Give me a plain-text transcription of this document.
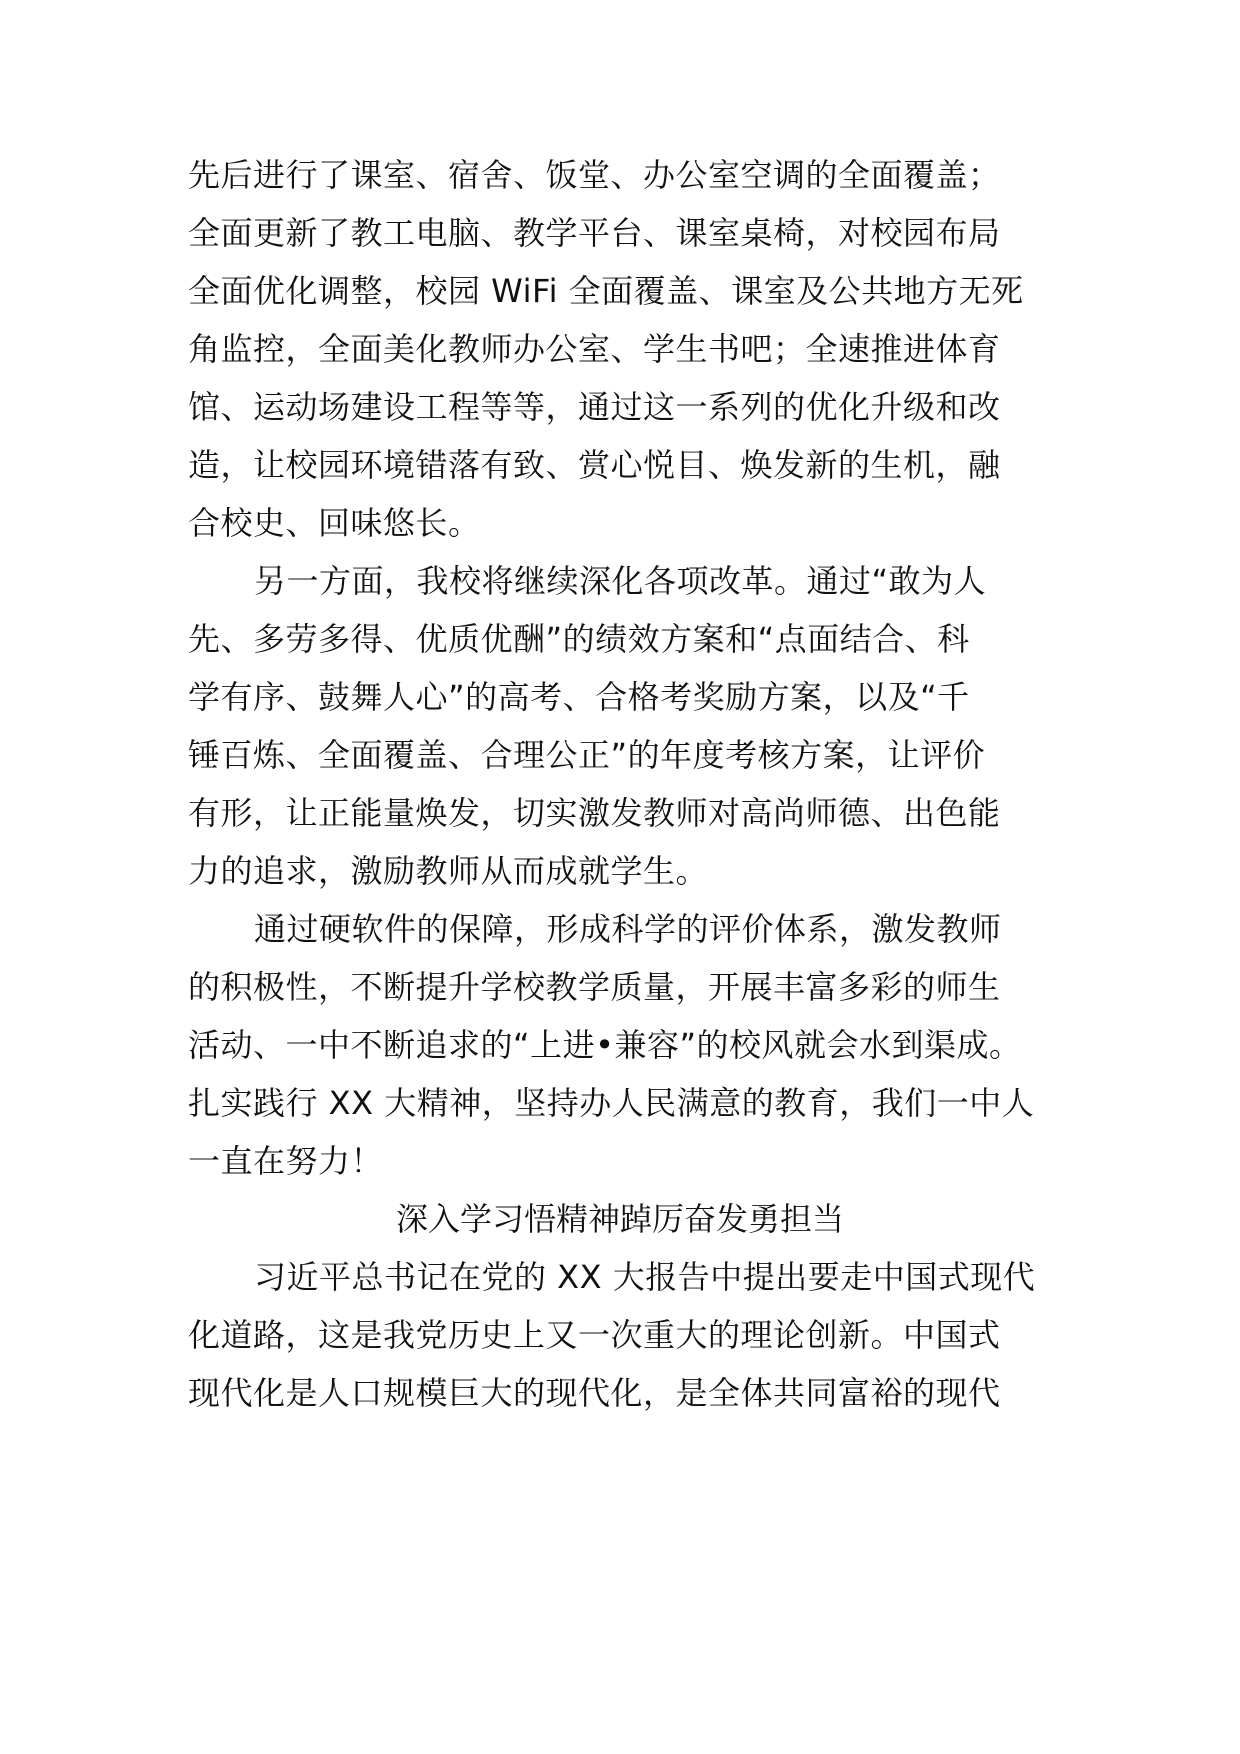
先后进行了课室、宿舍、饭堂、办公室空调的全面覆盖；
全面更新了教工电脑、教学平台、课室桌椅，对校园布局
全面优化调整，校园 WiFi 全面覆盖、课室及公共地方无死
角监控，全面美化教师办公室、学生书吧；全速推进体育
馆、运动场建设工程等等，通过这一系列的优化升级和改
造，让校园环境错落有致、赏心悦目、焕发新的生机，融
合校史、回味悠长。
另一方面，我校将继续深化各项改革。通过“敢为人
先、多劳多得、优质优酬”的绩效方案和“点面结合、科
学有序、鼓舞人心”的高考、合格考奖励方案，以及“千
锤百炼、全面覆盖、合理公正”的年度考核方案，让评价
有形，让正能量焕发，切实激发教师对高尚师德、出色能
力的追求，激励教师从而成就学生。
通过硬软件的保障，形成科学的评价体系，激发教师
的积极性，不断提升学校教学质量，开展丰富多彩的师生
活动、一中不断追求的“上进•兼容”的校风就会水到渠成。
扎实践行 XX 大精神，坚持办人民满意的教育，我们一中人
一直在努力！
深入学习悟精神踔厉奋发勇担当
习近平总书记在党的 XX 大报告中提出要走中国式现代
化道路，这是我党历史上又一次重大的理论创新。中国式
现代化是人口规模巨大的现代化，是全体共同富裕的现代
